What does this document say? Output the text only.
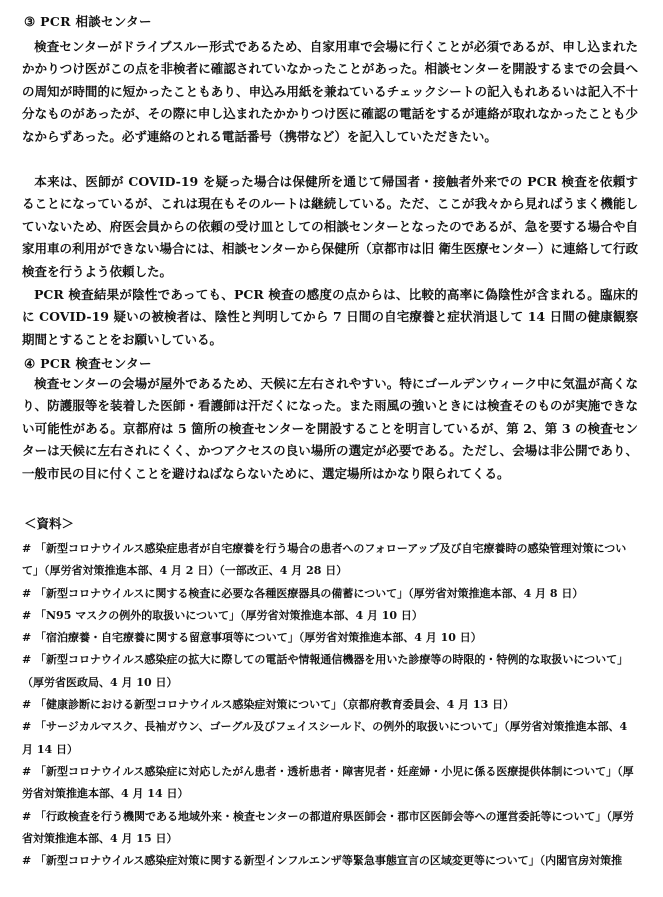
③ PCR 相談センター

検査センターがドライブスルー形式であるため、自家用車で会場に行くことが必須であるが、申し込まれたかかりつけ医がこの点を非検者に確認されていなかったことがあった。相談センターを開設するまでの会員への周知が時間的に短かったこともあり、申込み用紙を兼ねているチェックシートの記入もれあるいは記入不十分なものがあったが、その際に申し込まれたかかりつけ医に確認の電話をするが連絡が取れなかったことも少なからずあった。必ず連絡のとれる電話番号（携帯など）を記入していただきたい。

本来は、医師が COVID-19 を疑った場合は保健所を通じて帰国者・接触者外来での PCR 検査を依頼することになっているが、これは現在もそのルートは継続している。ただ、ここが我々から見ればうまく機能していないため、府医会員からの依頼の受け皿としての相談センターとなったのであるが、急を要する場合や自家用車の利用ができない場合には、相談センターから保健所（京都市は旧 衛生医療センター）に連絡して行政検査を行うよう依頼した。

PCR 検査結果が陰性であっても、PCR 検査の感度の点からは、比較的高率に偽陰性が含まれる。臨床的に COVID-19 疑いの被検者は、陰性と判明してから 7 日間の自宅療養と症状消退して 14 日間の健康観察期間とすることをお願いしている。

④ PCR 検査センター

検査センターの会場が屋外であるため、天候に左右されやすい。特にゴールデンウィーク中に気温が高くなり、防護服等を装着した医師・看護師は汗だくになった。また雨風の強いときには検査そのものが実施できない可能性がある。京都府は 5 箇所の検査センターを開設することを明言しているが、第 2、第 3 の検査センターは天候に左右されにくく、かつアクセスの良い場所の選定が必要である。ただし、会場は非公開であり、一般市民の目に付くことを避けねばならないために、選定場所はかなり限られてくる。

＜資料＞
# 「新型コロナウイルス感染症患者が自宅療養を行う場合の患者へのフォローアップ及び自宅療養時の感染管理対策について」（厚労省対策推進本部、4 月 2 日）（一部改正、4 月 28 日）
# 「新型コロナウイルスに関する検査に必要な各種医療器具の備蓄について」（厚労省対策推進本部、4 月 8 日）
# 「N95 マスクの例外的取扱いについて」（厚労省対策推進本部、4 月 10 日）
# 「宿泊療養・自宅療養に関する留意事項等について」（厚労省対策推進本部、4 月 10 日）
# 「新型コロナウイルス感染症の拡大に際しての電話や情報通信機器を用いた診療等の時限的・特例的な取扱いについて」（厚労省医政局、4 月 10 日）
# 「健康診断における新型コロナウイルス感染症対策について」（京都府教育委員会、4 月 13 日）
# 「サージカルマスク、長袖ガウン、ゴーグル及びフェイスシールド、の例外的取扱いについて」（厚労省対策推進本部、4 月 14 日）
# 「新型コロナウイルス感染症に対応したがん患者・透析患者・障害児者・妊産婦・小児に係る医療提供体制について」（厚労省対策推進本部、4 月 14 日）
# 「行政検査を行う機関である地域外来・検査センターの都道府県医師会・郡市区医師会等への運営委託等について」（厚労省対策推進本部、4 月 15 日）
# 「新型コロナウイルス感染症対策に関する新型インフルエンザ等緊急事態宣言の区域変更等について」（内閣官房対策推
